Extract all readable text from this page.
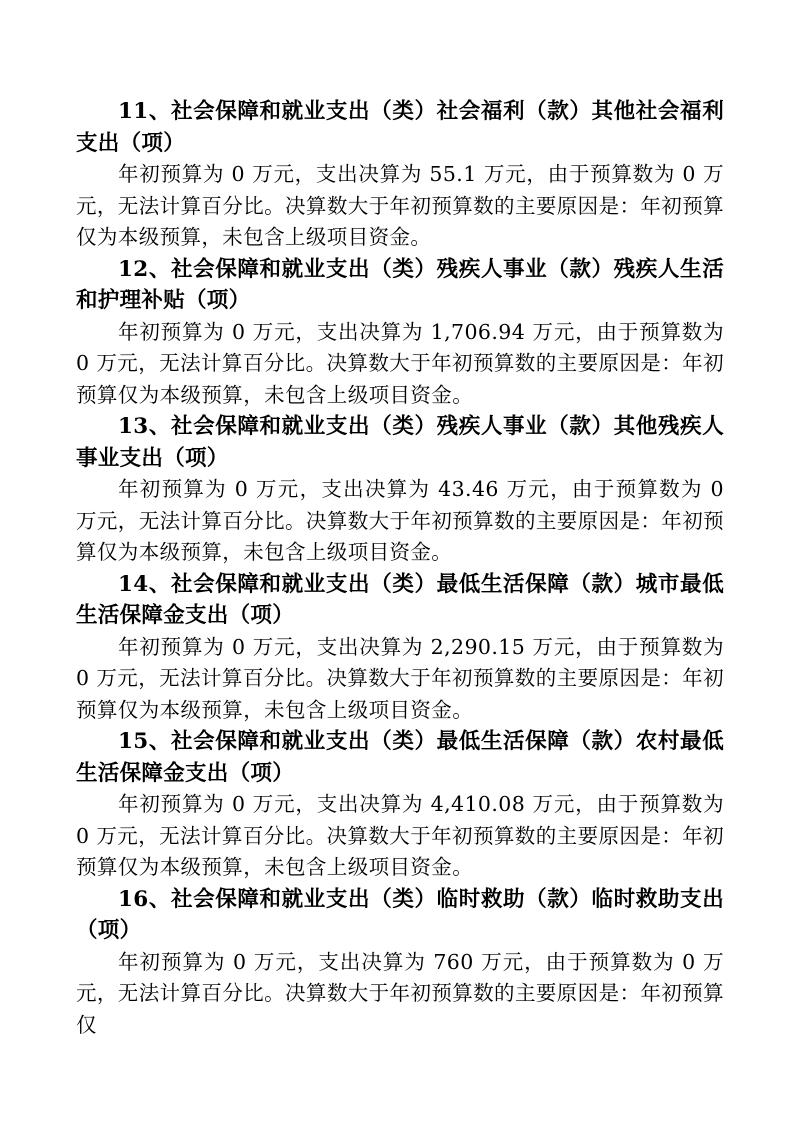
11、社会保障和就业支出（类）社会福利（款）其他社会福利支出（项）

年初预算为 0 万元，支出决算为 55.1 万元，由于预算数为 0 万元，无法计算百分比。决算数大于年初预算数的主要原因是：年初预算仅为本级预算，未包含上级项目资金。

12、社会保障和就业支出（类）残疾人事业（款）残疾人生活和护理补贴（项）

年初预算为 0 万元，支出决算为 1,706.94 万元，由于预算数为 0 万元，无法计算百分比。决算数大于年初预算数的主要原因是：年初预算仅为本级预算，未包含上级项目资金。

13、社会保障和就业支出（类）残疾人事业（款）其他残疾人事业支出（项）

年初预算为 0 万元，支出决算为 43.46 万元，由于预算数为 0 万元，无法计算百分比。决算数大于年初预算数的主要原因是：年初预算仅为本级预算，未包含上级项目资金。

14、社会保障和就业支出（类）最低生活保障（款）城市最低生活保障金支出（项）

年初预算为 0 万元，支出决算为 2,290.15 万元，由于预算数为 0 万元，无法计算百分比。决算数大于年初预算数的主要原因是：年初预算仅为本级预算，未包含上级项目资金。

15、社会保障和就业支出（类）最低生活保障（款）农村最低生活保障金支出（项）

年初预算为 0 万元，支出决算为 4,410.08 万元，由于预算数为 0 万元，无法计算百分比。决算数大于年初预算数的主要原因是：年初预算仅为本级预算，未包含上级项目资金。

16、社会保障和就业支出（类）临时救助（款）临时救助支出（项）

年初预算为 0 万元，支出决算为 760 万元，由于预算数为 0 万元，无法计算百分比。决算数大于年初预算数的主要原因是：年初预算仅
